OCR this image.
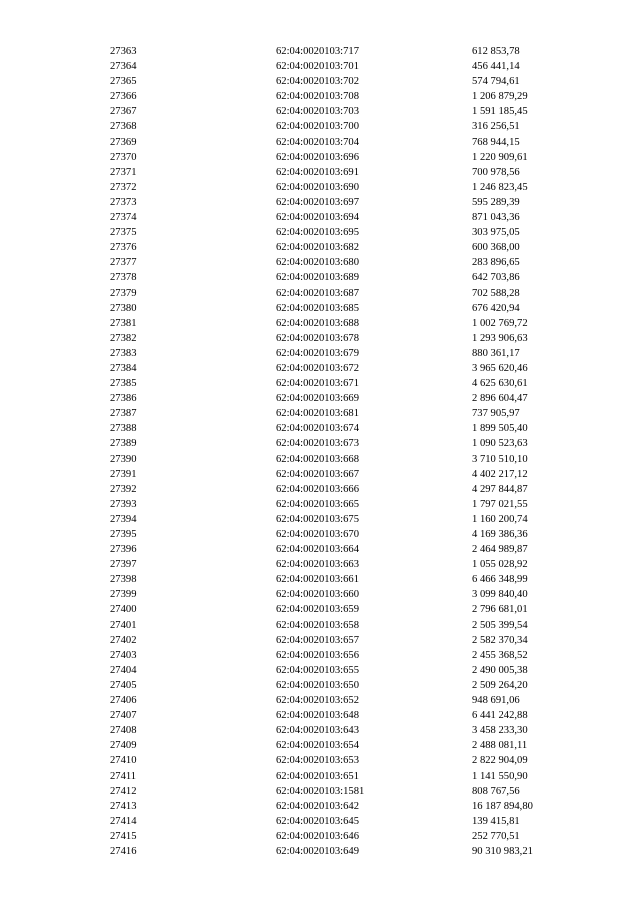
27363	62:04:0020103:717	612 853,78
27364	62:04:0020103:701	456 441,14
27365	62:04:0020103:702	574 794,61
27366	62:04:0020103:708	1 206 879,29
27367	62:04:0020103:703	1 591 185,45
27368	62:04:0020103:700	316 256,51
27369	62:04:0020103:704	768 944,15
27370	62:04:0020103:696	1 220 909,61
27371	62:04:0020103:691	700 978,56
27372	62:04:0020103:690	1 246 823,45
27373	62:04:0020103:697	595 289,39
27374	62:04:0020103:694	871 043,36
27375	62:04:0020103:695	303 975,05
27376	62:04:0020103:682	600 368,00
27377	62:04:0020103:680	283 896,65
27378	62:04:0020103:689	642 703,86
27379	62:04:0020103:687	702 588,28
27380	62:04:0020103:685	676 420,94
27381	62:04:0020103:688	1 002 769,72
27382	62:04:0020103:678	1 293 906,63
27383	62:04:0020103:679	880 361,17
27384	62:04:0020103:672	3 965 620,46
27385	62:04:0020103:671	4 625 630,61
27386	62:04:0020103:669	2 896 604,47
27387	62:04:0020103:681	737 905,97
27388	62:04:0020103:674	1 899 505,40
27389	62:04:0020103:673	1 090 523,63
27390	62:04:0020103:668	3 710 510,10
27391	62:04:0020103:667	4 402 217,12
27392	62:04:0020103:666	4 297 844,87
27393	62:04:0020103:665	1 797 021,55
27394	62:04:0020103:675	1 160 200,74
27395	62:04:0020103:670	4 169 386,36
27396	62:04:0020103:664	2 464 989,87
27397	62:04:0020103:663	1 055 028,92
27398	62:04:0020103:661	6 466 348,99
27399	62:04:0020103:660	3 099 840,40
27400	62:04:0020103:659	2 796 681,01
27401	62:04:0020103:658	2 505 399,54
27402	62:04:0020103:657	2 582 370,34
27403	62:04:0020103:656	2 455 368,52
27404	62:04:0020103:655	2 490 005,38
27405	62:04:0020103:650	2 509 264,20
27406	62:04:0020103:652	948 691,06
27407	62:04:0020103:648	6 441 242,88
27408	62:04:0020103:643	3 458 233,30
27409	62:04:0020103:654	2 488 081,11
27410	62:04:0020103:653	2 822 904,09
27411	62:04:0020103:651	1 141 550,90
27412	62:04:0020103:1581	808 767,56
27413	62:04:0020103:642	16 187 894,80
27414	62:04:0020103:645	139 415,81
27415	62:04:0020103:646	252 770,51
27416	62:04:0020103:649	90 310 983,21
